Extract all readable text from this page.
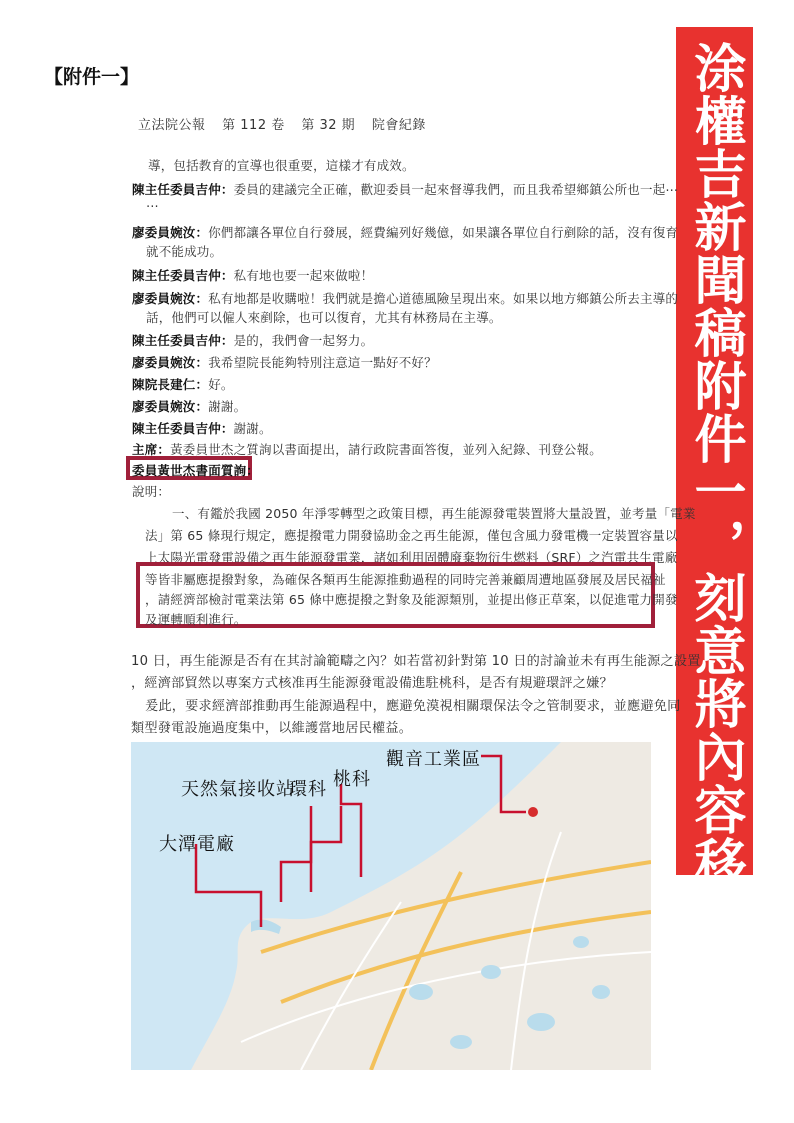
【附件一】	涂權吉新聞稿附件一，刻意將內容移花接木
立法院公報 第 112 卷 第 32 期 院會紀錄
導，包括教育的宣導也很重要，這樣才有成效。
陳主任委員吉仲：委員的建議完全正確，歡迎委員一起來督導我們，而且我希望鄉鎮公所也一起⋯
⋯
廖委員婉汝：你們都讓各單位自行發展，經費編列好幾億，如果讓各單位自行剷除的話，沒有復育
就不能成功。
陳主任委員吉仲：私有地也要一起來做啦！
廖委員婉汝：私有地都是收購啦！我們就是擔心道德風險呈現出來。如果以地方鄉鎮公所去主導的
話，他們可以僱人來剷除，也可以復育，尤其有林務局在主導。
陳主任委員吉仲：是的，我們會一起努力。
廖委員婉汝：我希望院長能夠特別注意這一點好不好？
陳院長建仁：好。
廖委員婉汝：謝謝。
陳主任委員吉仲：謝謝。
主席：黃委員世杰之質詢以書面提出，請行政院書面答復，並列入紀錄、刊登公報。
委員黃世杰書面質詢：
說明：
一、有鑑於我國 2050 年淨零轉型之政策目標，再生能源發電裝置將大量設置，並考量「電業
法」第 65 條現行規定，應提撥電力開發協助金之再生能源，僅包含風力發電機一定裝置容量以
上太陽光電發電設備之再生能源發電業，諸如利用固體廢棄物衍生燃料（SRF）之汽電共生電廠
等皆非屬應提撥對象，為確保各類再生能源推動過程的同時完善兼顧周遭地區發展及居民福祉
，請經濟部檢討電業法第 65 條中應提撥之對象及能源類別，並提出修正草案，以促進電力開發
及運轉順利進行。
10 日，再生能源是否有在其討論範疇之內？如若當初針對第 10 日的討論並未有再生能源之設置
，經濟部貿然以專案方式核准再生能源發電設備進駐桃科，是否有規避環評之嫌？
爰此，要求經濟部推動再生能源過程中，應避免漠視相關環保法令之管制要求，並應避免同
類型發電設施過度集中，以維護當地居民權益。
觀音工業區
桃科
天然氣接收站
環科
大潭電廠
